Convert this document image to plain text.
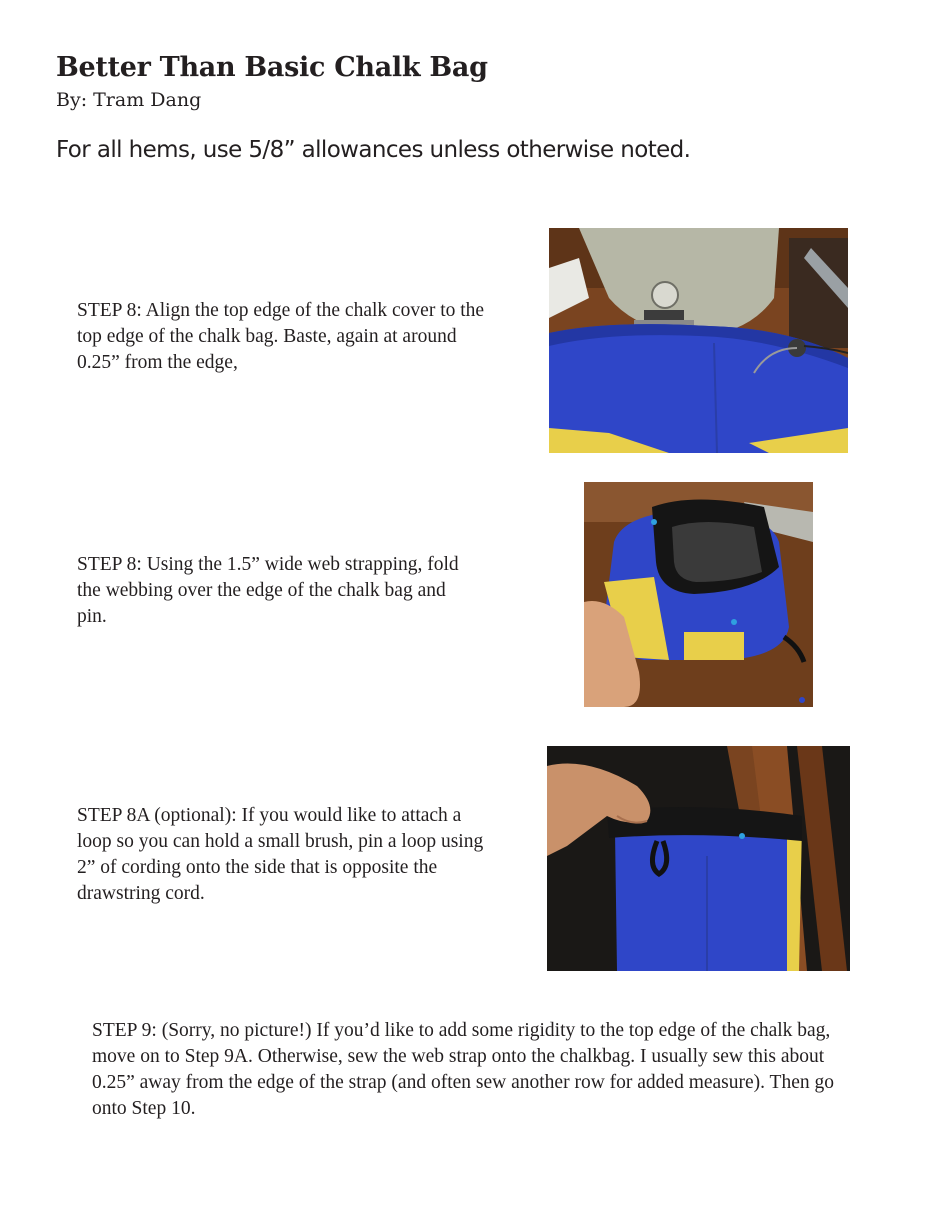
Better Than Basic Chalk Bag
By: Tram Dang
For all hems, use 5/8” allowances unless otherwise noted.
STEP 8: Align the top edge of the chalk cover to the top edge of the chalk bag. Baste, again at around 0.25” from the edge,
STEP 8: Using the 1.5” wide web strapping, fold the webbing over the edge of the chalk bag and pin.
STEP 8A (optional): If you would like to attach a loop so you can hold a small brush, pin a loop using 2” of cording onto the side that is opposite the drawstring cord.
STEP 9: (Sorry, no picture!) If you’d like to add some rigidity to the top edge of the chalk bag, move on to Step 9A. Otherwise, sew the web strap onto the chalkbag. I usually sew this about 0.25” away from the edge of the strap (and often sew another row for added measure). Then go onto Step 10.
